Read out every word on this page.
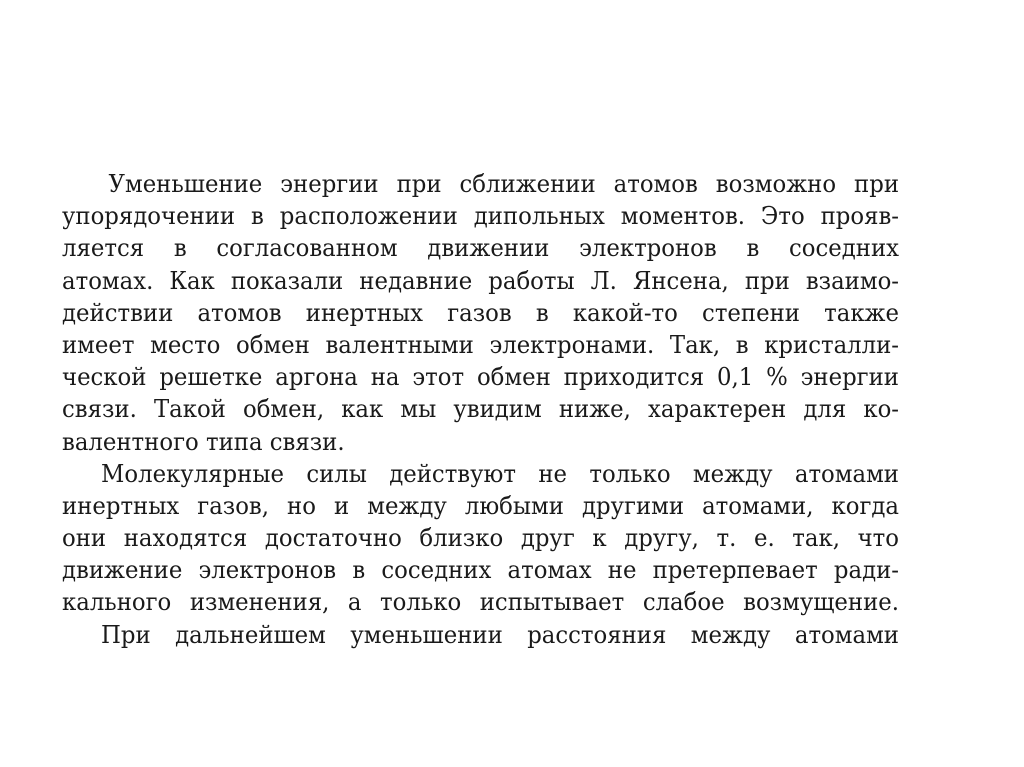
Уменьшение энергии при сближении атомов возможно при
упорядочении в расположении дипольных моментов. Это прояв-
ляется в согласованном движении электронов в соседних
атомах. Как показали недавние работы Л. Янсена, при взаимо-
действии атомов инертных газов в какой-то степени также
имеет место обмен валентными электронами. Так, в кристалли-
ческой решетке аргона на этот обмен приходится 0,1 % энергии
связи. Такой обмен, как мы увидим ниже, характерен для ко-
валентного типа связи.
Молекулярные силы действуют не только между атомами
инертных газов, но и между любыми другими атомами, когда
они находятся достаточно близко друг к другу, т. е. так, что
движение электронов в соседних атомах не претерпевает ради-
кального изменения, а только испытывает слабое возмущение.
При дальнейшем уменьшении расстояния между атомами
